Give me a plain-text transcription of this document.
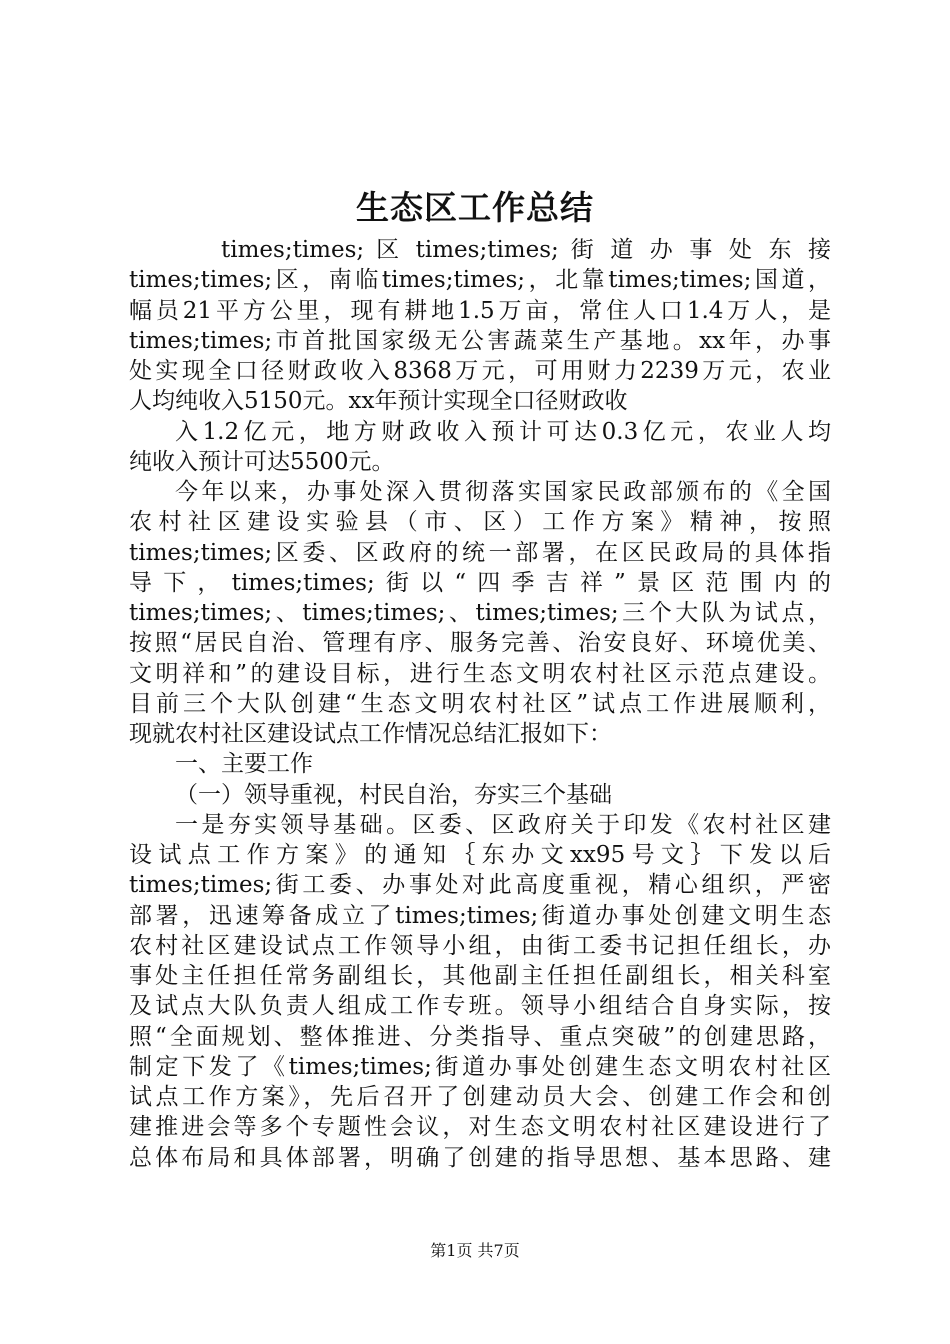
生态区工作总结
times;times; 区 times;times; 街 道 办 事 处 东 接
times;times;区，南临times;times;，北靠times;times;国道，
幅员21平方公里，现有耕地1.5万亩，常住人口1.4万人，是
times;times;市首批国家级无公害蔬菜生产基地。xx年，办事
处实现全口径财政收入8368万元，可用财力2239万元，农业
人均纯收入5150元。xx年预计实现全口径财政收
入1.2亿元，地方财政收入预计可达0.3亿元，农业人均
纯收入预计可达5500元。
今年以来，办事处深入贯彻落实国家民政部颁布的《全国
农村社区建设实验县（市、区）工作方案》精神，按照
times;times;区委、区政府的统一部署，在区民政局的具体指
导下，times;times;街以“四季吉祥”景区范围内的
times;times;、times;times;、times;times;三个大队为试点，
按照“居民自治、管理有序、服务完善、治安良好、环境优美、
文明祥和”的建设目标，进行生态文明农村社区示范点建设。
目前三个大队创建“生态文明农村社区”试点工作进展顺利，
现就农村社区建设试点工作情况总结汇报如下：
一、主要工作
（一）领导重视，村民自治，夯实三个基础
一是夯实领导基础。区委、区政府关于印发《农村社区建
设试点工作方案》的通知｛东办文xx95号文｝下发以后
times;times;街工委、办事处对此高度重视，精心组织，严密
部署，迅速筹备成立了times;times;街道办事处创建文明生态
农村社区建设试点工作领导小组，由街工委书记担任组长，办
事处主任担任常务副组长，其他副主任担任副组长，相关科室
及试点大队负责人组成工作专班。领导小组结合自身实际，按
照“全面规划、整体推进、分类指导、重点突破”的创建思路，
制定下发了《times;times;街道办事处创建生态文明农村社区
试点工作方案》，先后召开了创建动员大会、创建工作会和创
建推进会等多个专题性会议，对生态文明农村社区建设进行了
总体布局和具体部署，明确了创建的指导思想、基本思路、建
第1页 共7页
